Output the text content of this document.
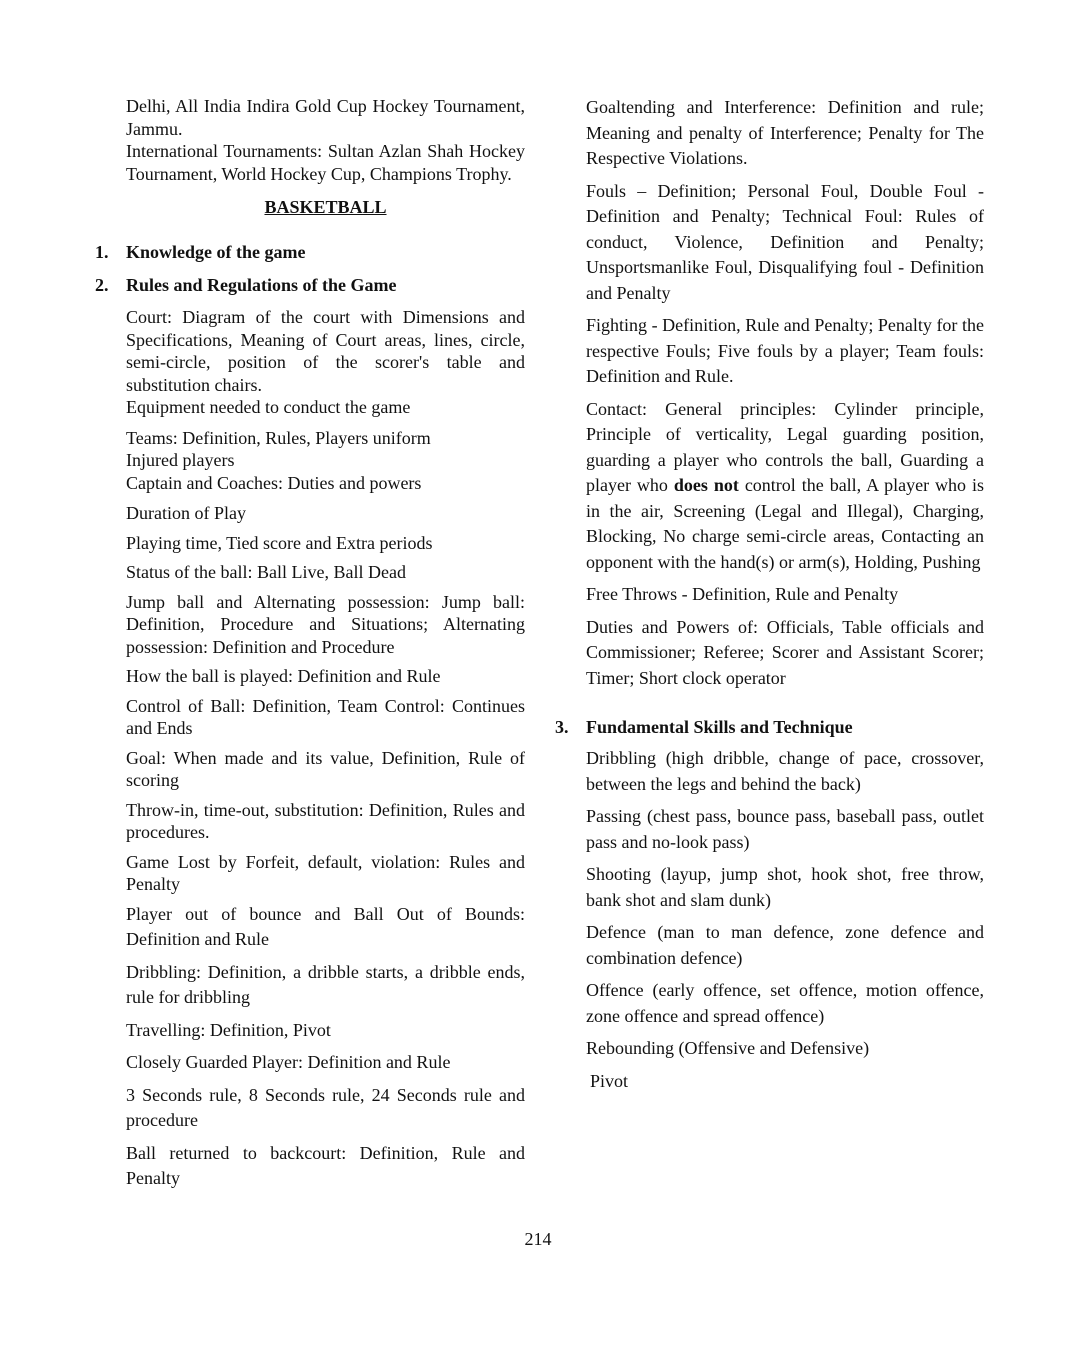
Delhi, All India Indira Gold Cup Hockey Tournament, Jammu.

International Tournaments: Sultan Azlan Shah Hockey Tournament, World Hockey Cup, Champions Trophy.

BASKETBALL

1. Knowledge of the game

2. Rules and Regulations of the Game

Court: Diagram of the court with Dimensions and Specifications, Meaning of Court areas, lines, circle, semi-circle, position of the scorer's table and substitution chairs.

Equipment needed to conduct the game

Teams: Definition, Rules, Players uniform

Injured players

Captain and Coaches: Duties and powers

Duration of Play

Playing time, Tied score and Extra periods

Status of the ball: Ball Live, Ball Dead

Jump ball and Alternating possession: Jump ball: Definition, Procedure and Situations; Alternating possession: Definition and Procedure

How the ball is played: Definition and Rule

Control of Ball: Definition, Team Control: Continues and Ends

Goal: When made and its value, Definition, Rule of scoring

Throw-in, time-out, substitution: Definition, Rules and procedures.

Game Lost by Forfeit, default, violation: Rules and Penalty

Player out of bounce and Ball Out of Bounds: Definition and Rule

Dribbling: Definition, a dribble starts, a dribble ends, rule for dribbling

Travelling: Definition, Pivot

Closely Guarded Player: Definition and Rule

3 Seconds rule, 8 Seconds rule, 24 Seconds rule and procedure

Ball returned to backcourt: Definition, Rule and Penalty

Goaltending and Interference: Definition and rule; Meaning and penalty of Interference; Penalty for The Respective Violations.

Fouls – Definition; Personal Foul, Double Foul - Definition and Penalty; Technical Foul: Rules of conduct, Violence, Definition and Penalty; Unsportsmanlike Foul, Disqualifying foul - Definition and Penalty

Fighting - Definition, Rule and Penalty; Penalty for the respective Fouls; Five fouls by a player; Team fouls: Definition and Rule.

Contact: General principles: Cylinder principle, Principle of verticality, Legal guarding position, guarding a player who controls the ball, Guarding a player who does not control the ball, A player who is in the air, Screening (Legal and Illegal), Charging, Blocking, No charge semi-circle areas, Contacting an opponent with the hand(s) or arm(s), Holding, Pushing

Free Throws - Definition, Rule and Penalty

Duties and Powers of: Officials, Table officials and Commissioner; Referee; Scorer and Assistant Scorer; Timer; Short clock operator

3. Fundamental Skills and Technique

Dribbling (high dribble, change of pace, crossover, between the legs and behind the back)

Passing (chest pass, bounce pass, baseball pass, outlet pass and no-look pass)

Shooting (layup, jump shot, hook shot, free throw, bank shot and slam dunk)

Defence (man to man defence, zone defence and combination defence)

Offence (early offence, set offence, motion offence, zone offence and spread offence)

Rebounding (Offensive and Defensive)

Pivot

214
